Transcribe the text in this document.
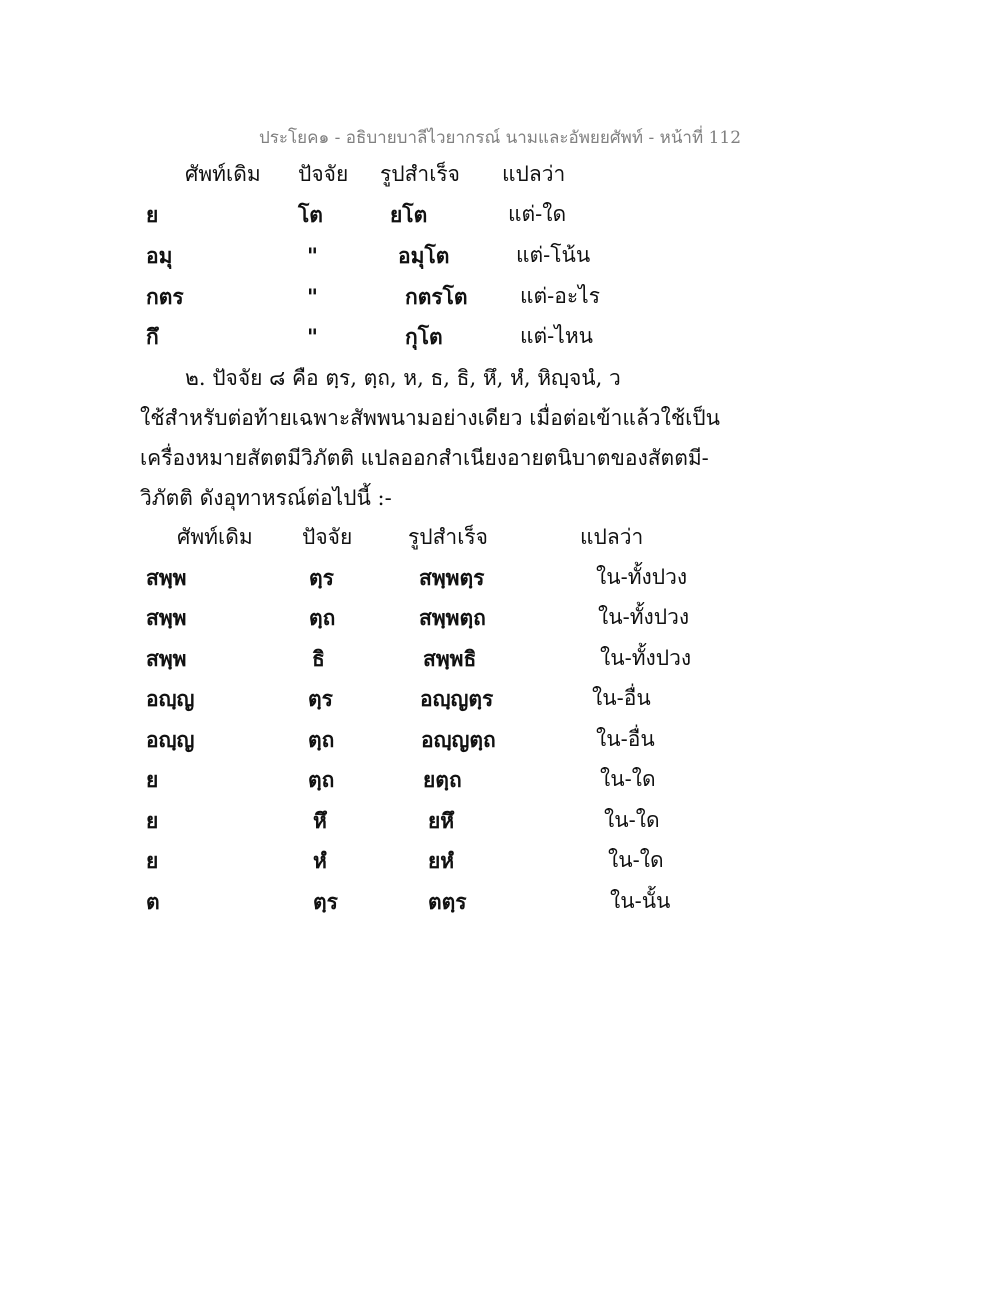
ประโยค๑ - อธิบายบาลีไวยากรณ์ นามและอัพยยศัพท์ - หน้าที่ 112
ศัพท์เดิม ปัจจัย รูปสำเร็จ แปลว่า
ย	โต	ยโต	แต่-ใด
อมุ	"	อมุโต	แต่-โน้น
กตร	"	กตรโต แต่-อะไร
กึ	"	กุโต	แต่-ไหน
๒. ปัจจัย ๘ คือ ตฺร, ตฺถ, ห, ธ, ธิ, หึ, หํ, หิญฺจนํ, ว
ใช้สำหรับต่อท้ายเฉพาะสัพพนามอย่างเดียว เมื่อต่อเข้าแล้วใช้เป็น
เครื่องหมายสัตตมีวิภัตติ แปลออกสำเนียงอายตนิบาตของสัตตมี-
วิภัตติ ดังอุทาหรณ์ต่อไปนี้ :-
ศัพท์เดิม ปัจจัย	รูปสำเร็จ	แปลว่า
สพฺพ	ตฺร	สพฺพตฺร	ใน-ทั้งปวง
สพฺพ	ตฺถ	สพฺพตฺถ	ใน-ทั้งปวง
สพฺพ	ธิ	สพฺพธิ	ใน-ทั้งปวง
อญฺญ	ตฺร	อญฺญตฺร	ใน-อื่น
อญฺญ	ตฺถ	อญฺญตฺถ	ใน-อื่น
ย	ตฺถ	ยตฺถ	ใน-ใด
ย	หึ	ยหึ	ใน-ใด
ย	หํ	ยหํ	ใน-ใด
ต	ตฺร	ตตฺร	ใน-นั้น
